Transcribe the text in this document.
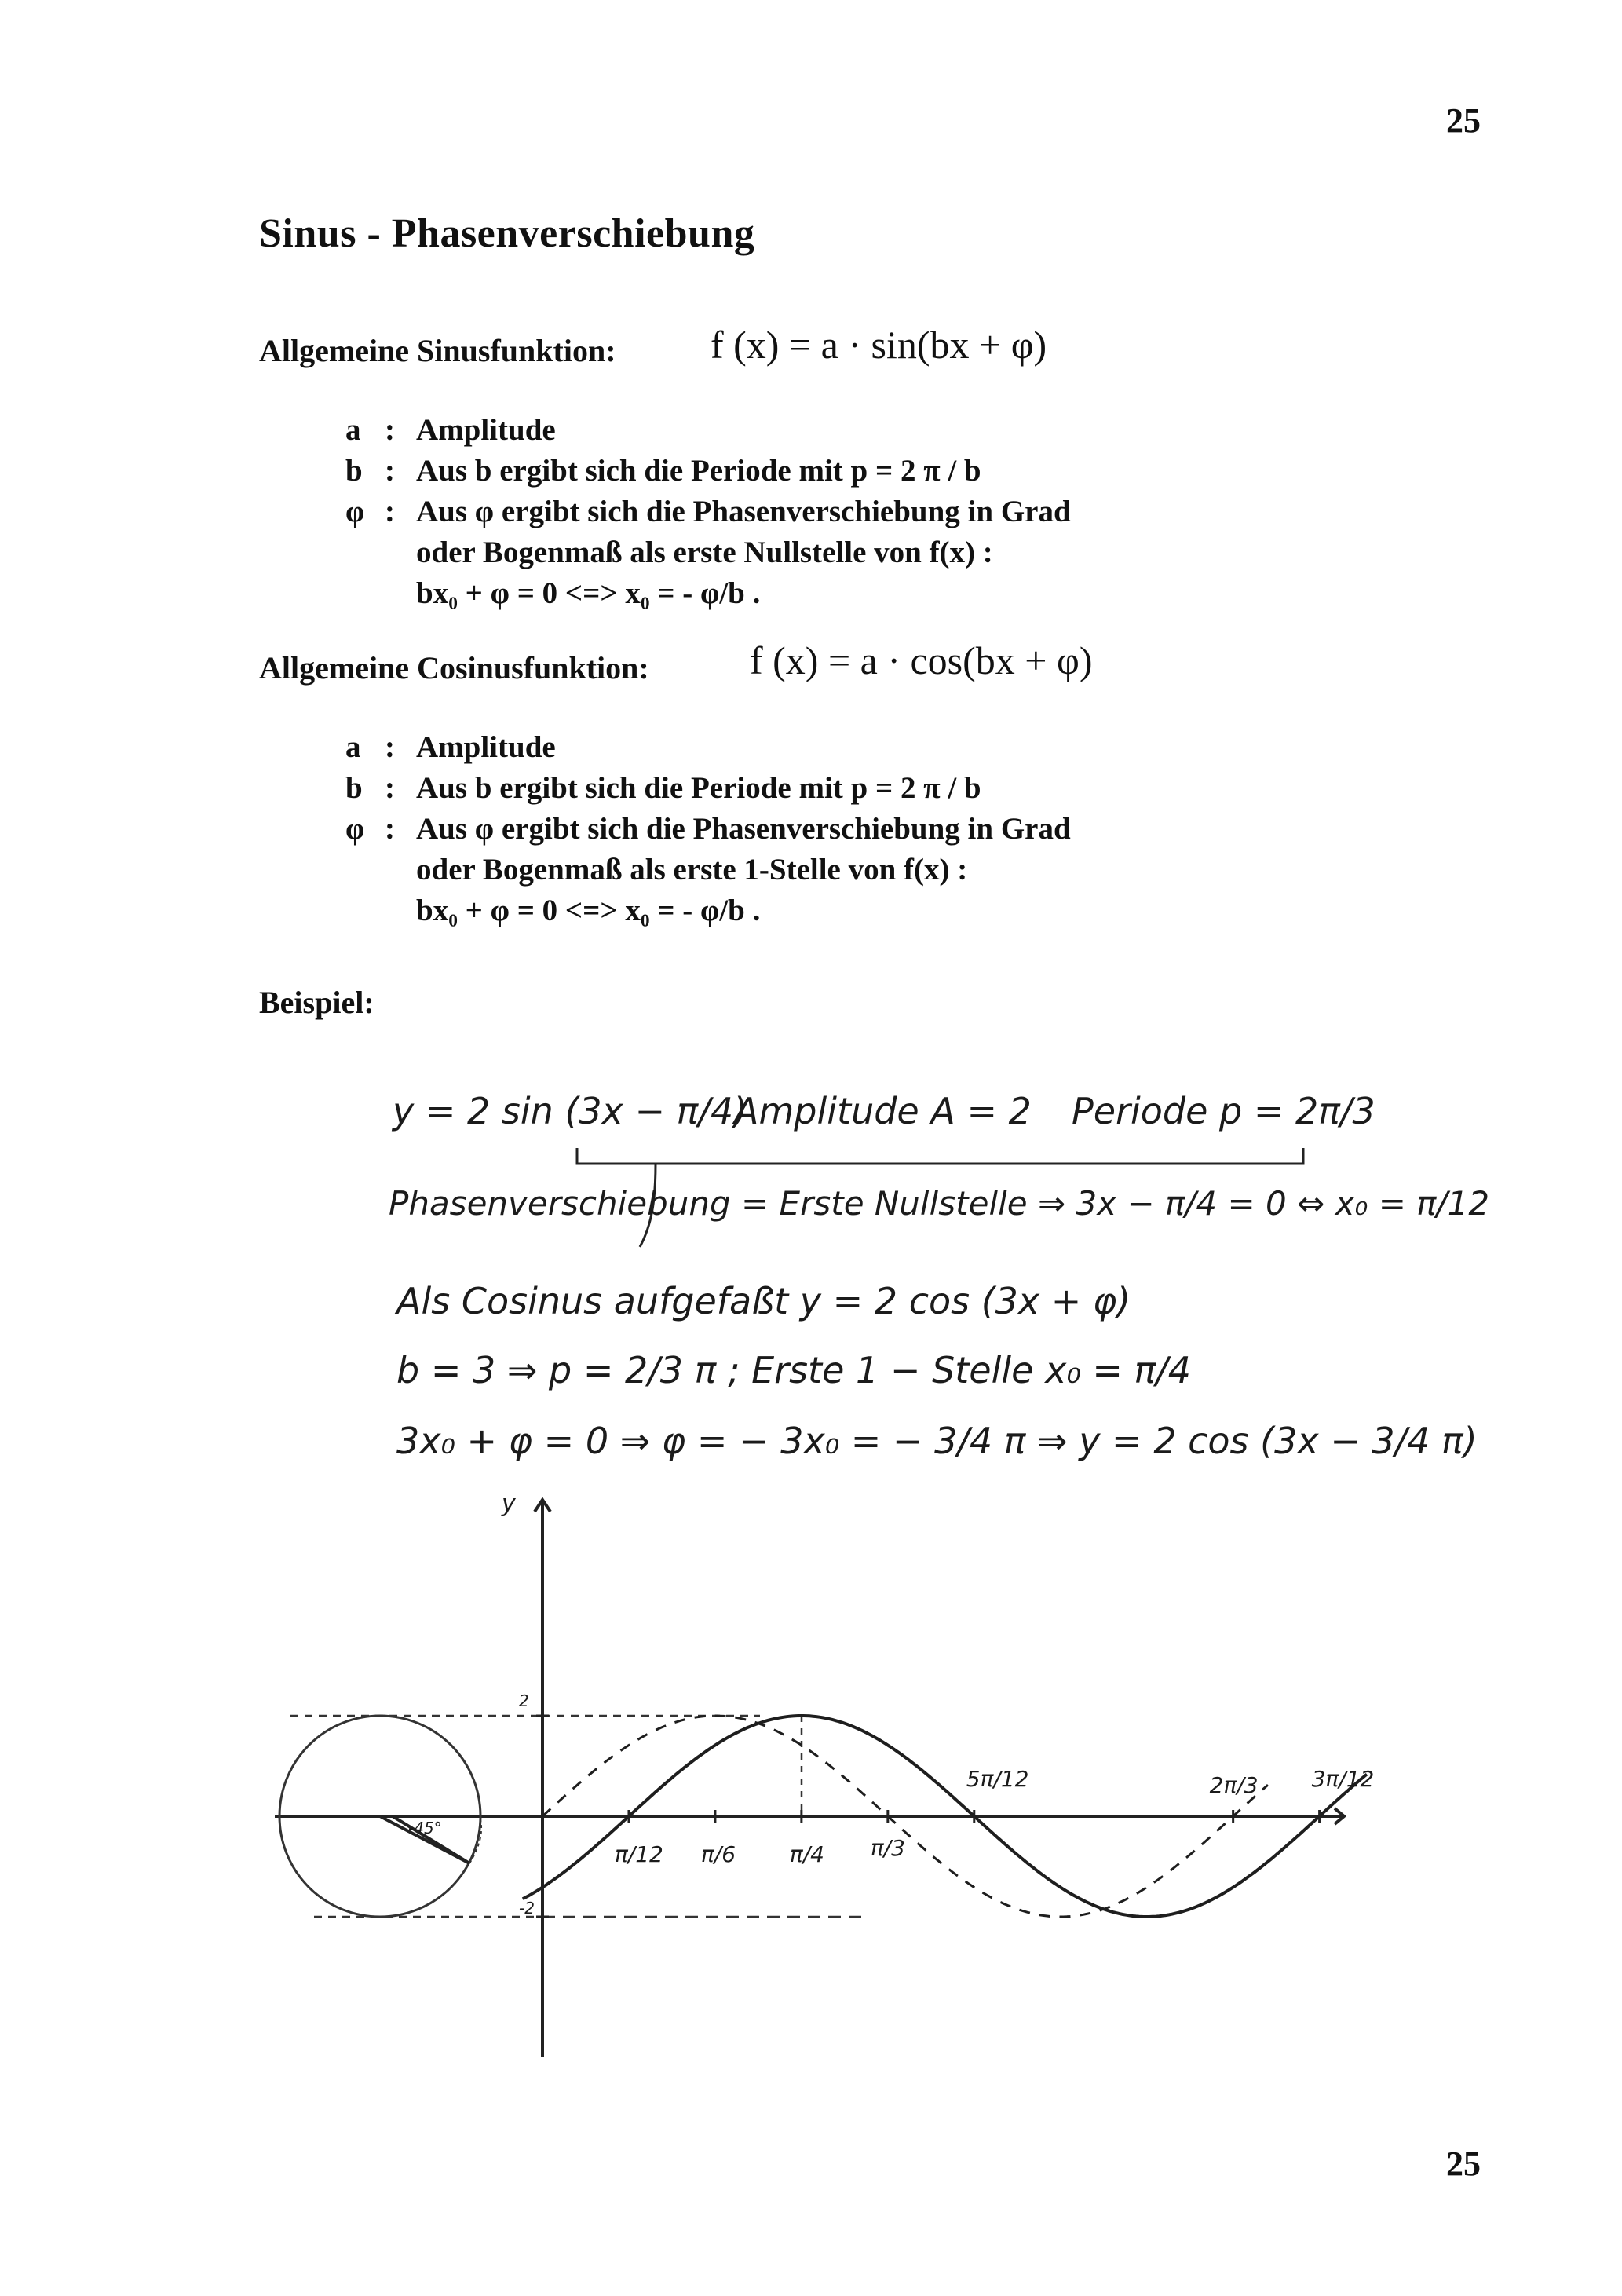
25
25
Sinus - Phasenverschiebung
Allgemeine Sinusfunktion: f (x) = a · sin(bx + φ)
a : Amplitude
b : Aus b ergibt sich die Periode mit p = 2 π / b
φ : Aus φ ergibt sich die Phasenverschiebung in Grad
oder Bogenmaß als erste Nullstelle von f(x) :
bx₀ + φ = 0 <=> x₀ = - φ/b .
Allgemeine Cosinusfunktion:	f (x) = a · cos(bx + φ)
a : Amplitude
b : Aus b ergibt sich die Periode mit p = 2 π / b
φ : Aus φ ergibt sich die Phasenverschiebung in Grad
oder Bogenmaß als erste 1-Stelle von f(x) :
bx₀ + φ = 0 <=> x₀ = - φ/b .
Beispiel:
y = 2 sin (3x − π/4)
Amplitude A = 2 Periode p = 2π/3
Phasenverschiebung = Erste Nullstelle ⇒ 3x − π/4 = 0 ⇔ x₀ = π/12
Als Cosinus aufgefaßt y = 2 cos (3x + φ)
b = 3 ⇒ p = 2/3 π ; Erste 1 − Stelle x₀ = π/4
3x₀ + φ = 0 ⇒ φ = − 3x₀ = − 3/4 π ⇒ y = 2 cos (3x − 3/4 π)
2
-2
y
-45°
π/12 π/6 π/4 π/3
5π/12	2π/3 3π/12
